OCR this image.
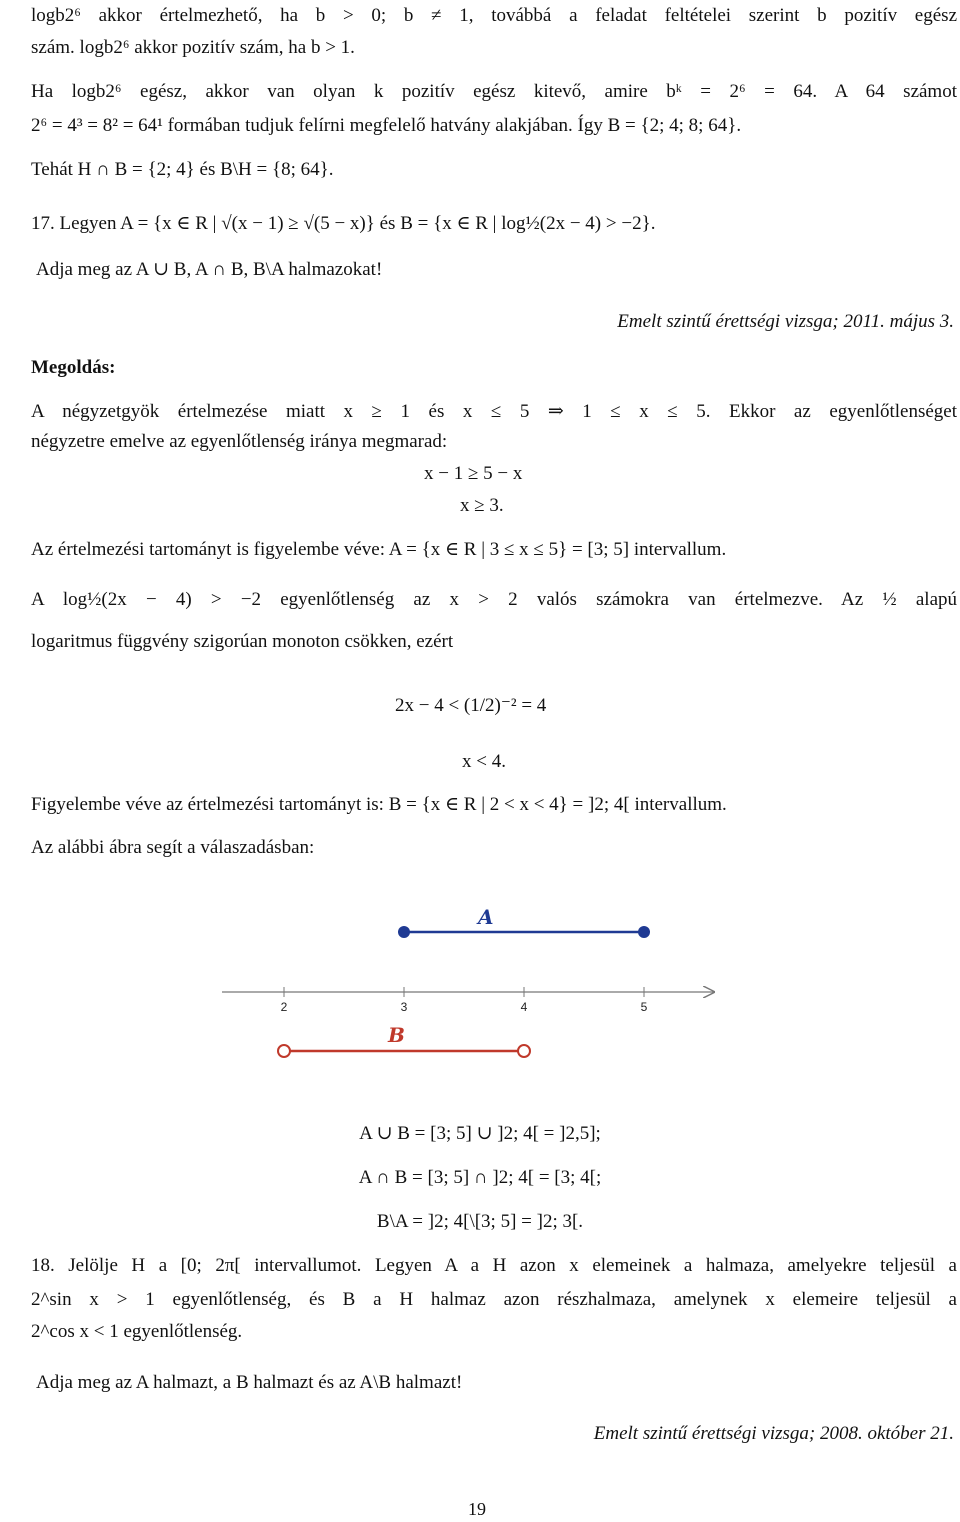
logb2⁶ akkor értelmezhető, ha b > 0; b ≠ 1, továbbá a feladat feltételei szerint b pozitív egész
szám. logb2⁶ akkor pozitív szám, ha b > 1.
Ha logb2⁶ egész, akkor van olyan k pozitív egész kitevő, amire bᵏ = 2⁶ = 64. A 64 számot
2⁶ = 4³ = 8² = 64¹ formában tudjuk felírni megfelelő hatvány alakjában. Így B = {2; 4; 8; 64}.
Tehát H ∩ B = {2; 4} és B\H = {8; 64}.
17. Legyen A = {x ∈ R | √(x − 1) ≥ √(5 − x)} és B = {x ∈ R | log½(2x − 4) > −2}.
Adja meg az A ∪ B, A ∩ B, B\A halmazokat!
Emelt szintű érettségi vizsga; 2011. május 3.
Megoldás:
A négyzetgyök értelmezése miatt x ≥ 1 és x ≤ 5 ⇒ 1 ≤ x ≤ 5. Ekkor az egyenlőtlenséget
négyzetre emelve az egyenlőtlenség iránya megmarad:
x − 1 ≥ 5 − x
x ≥ 3.
Az értelmezési tartományt is figyelembe véve: A = {x ∈ R | 3 ≤ x ≤ 5} = [3; 5] intervallum.
A log½(2x − 4) > −2 egyenlőtlenség az x > 2 valós számokra van értelmezve. Az ½ alapú
logaritmus függvény szigorúan monoton csökken, ezért
2x − 4 < (1/2)⁻² = 4
x < 4.
Figyelembe véve az értelmezési tartományt is: B = {x ∈ R | 2 < x < 4} = ]2; 4[ intervallum.
Az alábbi ábra segít a válaszadásban:
A
2	3	4	5
B
A ∪ B = [3; 5] ∪ ]2; 4[ = ]2,5];
A ∩ B = [3; 5] ∩ ]2; 4[ = [3; 4[;
B\A = ]2; 4[\[3; 5] = ]2; 3[.
18. Jelölje H a [0; 2π[ intervallumot. Legyen A a H azon x elemeinek a halmaza, amelyekre teljesül a
2^sin x > 1 egyenlőtlenség, és B a H halmaz azon részhalmaza, amelynek x elemeire teljesül a
2^cos x < 1 egyenlőtlenség.
Adja meg az A halmazt, a B halmazt és az A\B halmazt!
Emelt szintű érettségi vizsga; 2008. október 21.
19
